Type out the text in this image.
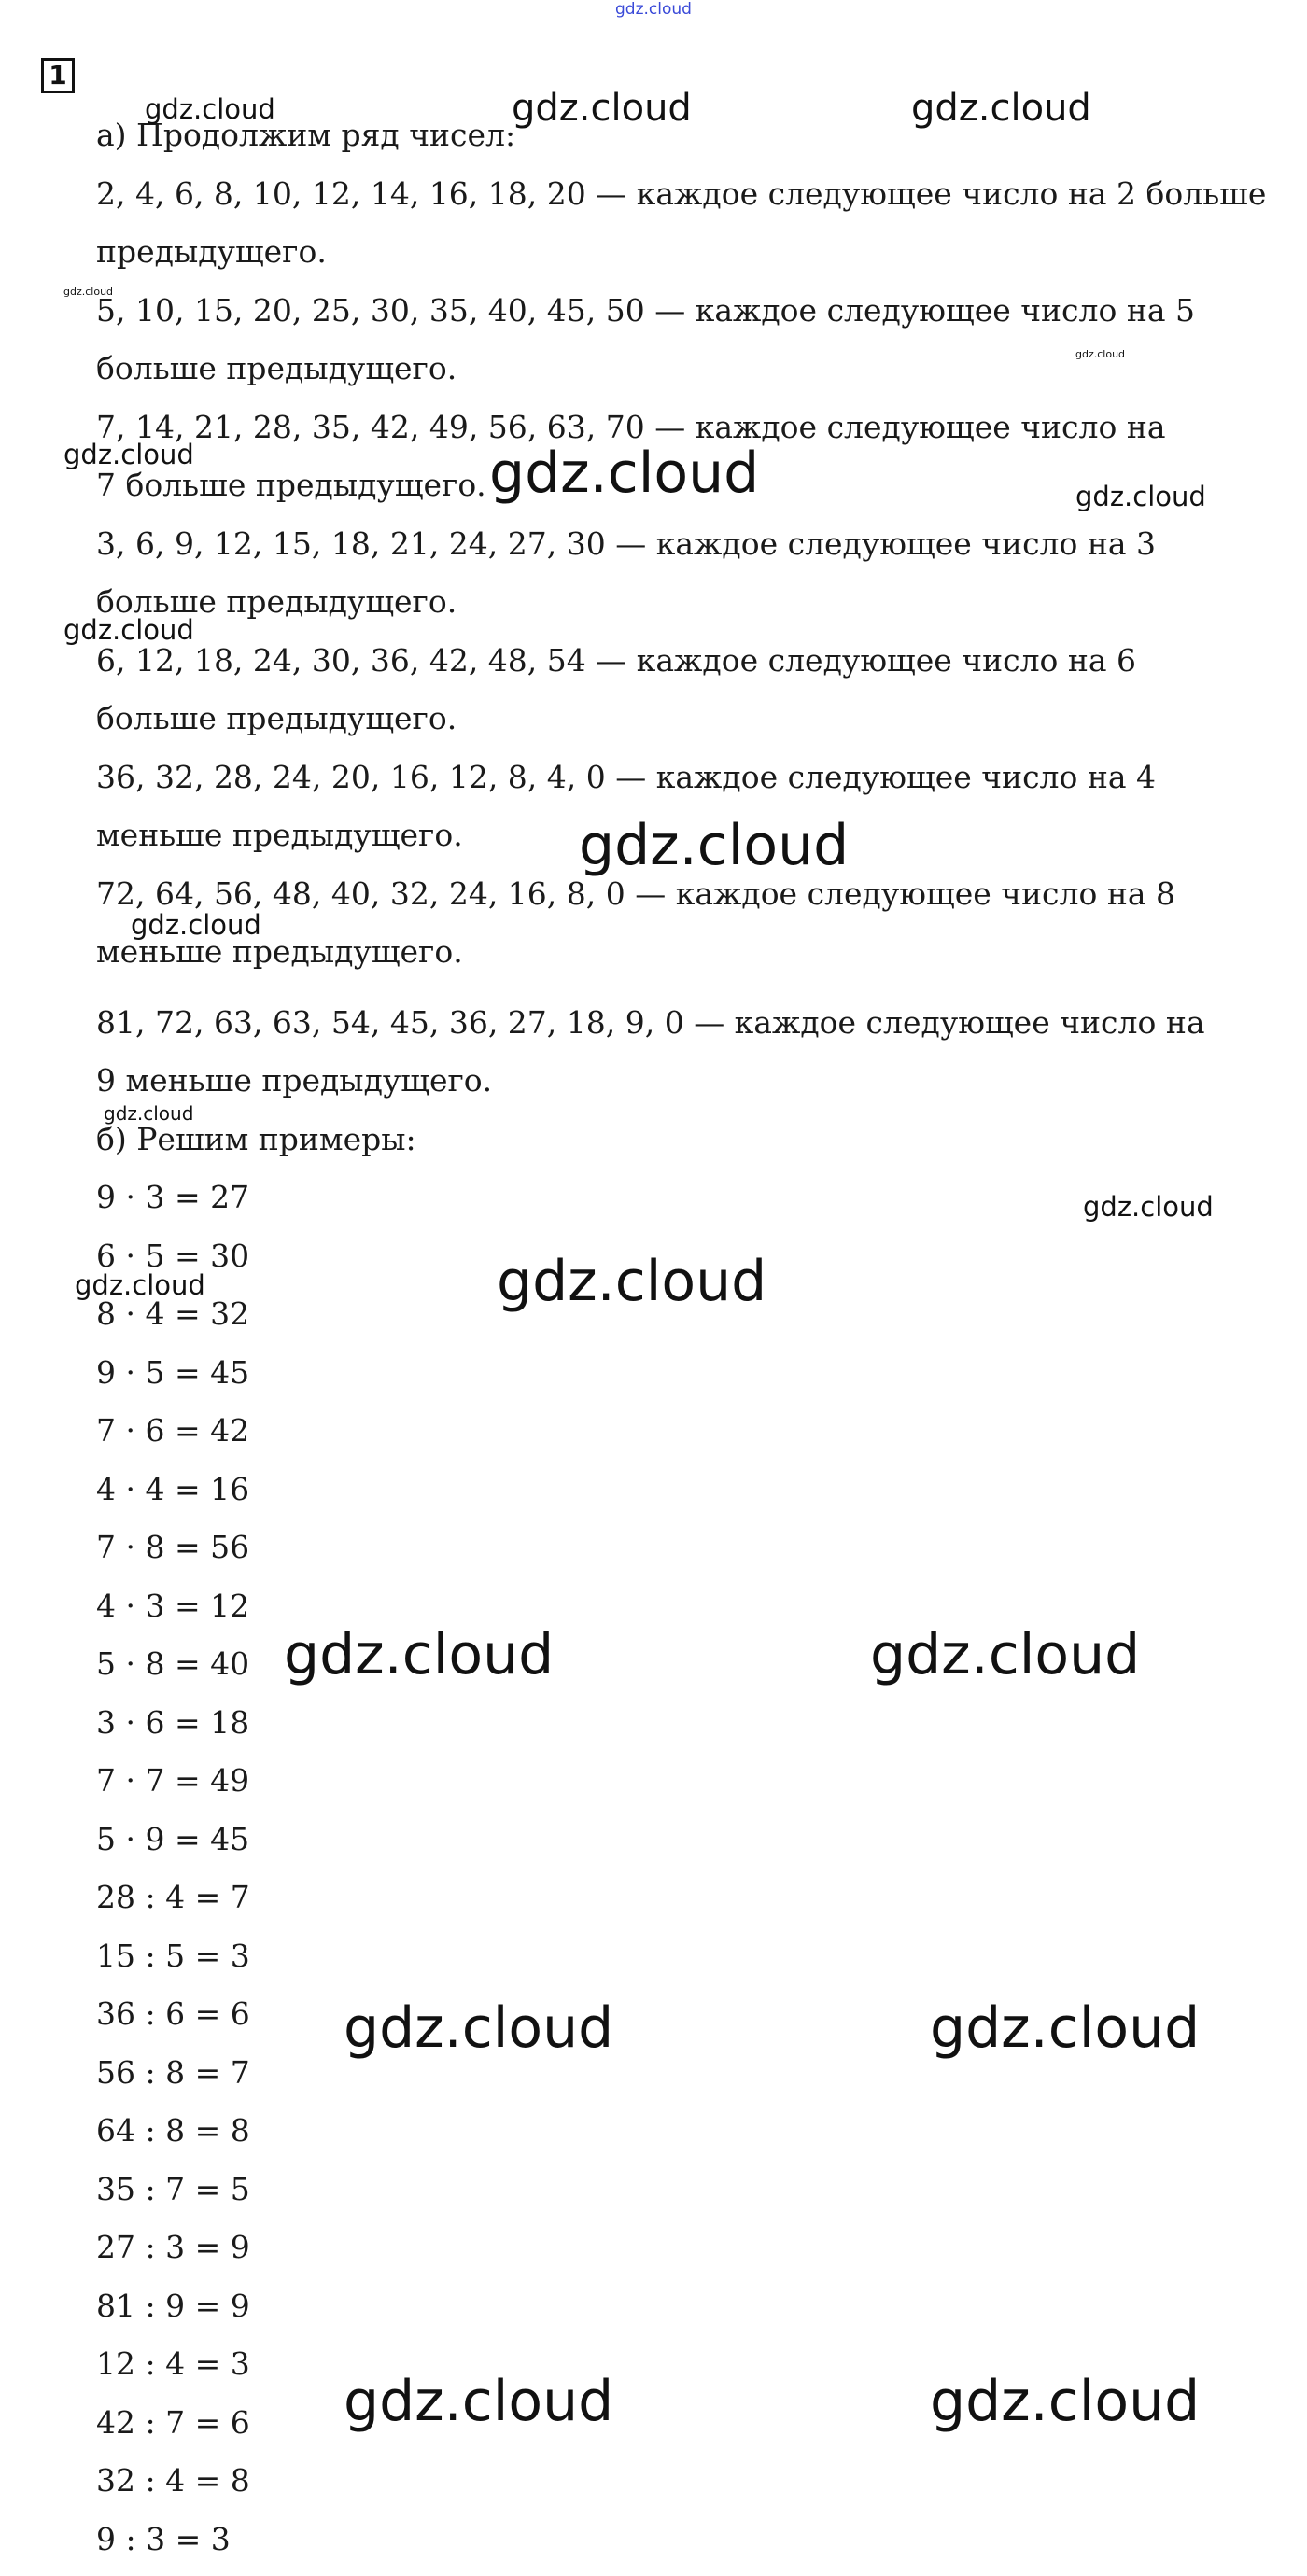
gdz.cloud
1
а) Продолжим ряд чисел:
2, 4, 6, 8, 10, 12, 14, 16, 18, 20 — каждое следующее число на 2 больше
предыдущего.
5, 10, 15, 20, 25, 30, 35, 40, 45, 50 — каждое следующее число на 5
больше предыдущего.
7, 14, 21, 28, 35, 42, 49, 56, 63, 70 — каждое следующее число на
7 больше предыдущего.
3, 6, 9, 12, 15, 18, 21, 24, 27, 30 — каждое следующее число на 3
больше предыдущего.
6, 12, 18, 24, 30, 36, 42, 48, 54 — каждое следующее число на 6
больше предыдущего.
36, 32, 28, 24, 20, 16, 12, 8, 4, 0 — каждое следующее число на 4
меньше предыдущего.
72, 64, 56, 48, 40, 32, 24, 16, 8, 0 — каждое следующее число на 8
меньше предыдущего.
81, 72, 63, 63, 54, 45, 36, 27, 18, 9, 0 — каждое следующее число на
9 меньше предыдущего.
б) Решим примеры:
9 · 3 = 27
6 · 5 = 30
8 · 4 = 32
9 · 5 = 45
7 · 6 = 42
4 · 4 = 16
7 · 8 = 56
4 · 3 = 12
5 · 8 = 40
3 · 6 = 18
7 · 7 = 49
5 · 9 = 45
28 : 4 = 7
15 : 5 = 3
36 : 6 = 6
56 : 8 = 7
64 : 8 = 8
35 : 7 = 5
27 : 3 = 9
81 : 9 = 9
12 : 4 = 3
42 : 7 = 6
32 : 4 = 8
9 : 3 = 3
gdz.cloud	gdz.cloud	gdz.cloud
gdz.cloud
gdz.cloud
gdz.cloud	gdz.cloud	gdz.cloud
gdz.cloud
gdz.cloud
gdz.cloud
gdz.cloud
gdz.cloud
gdz.cloud	gdz.cloud
gdz.cloud	gdz.cloud
gdz.cloud	gdz.cloud
gdz.cloud	gdz.cloud
